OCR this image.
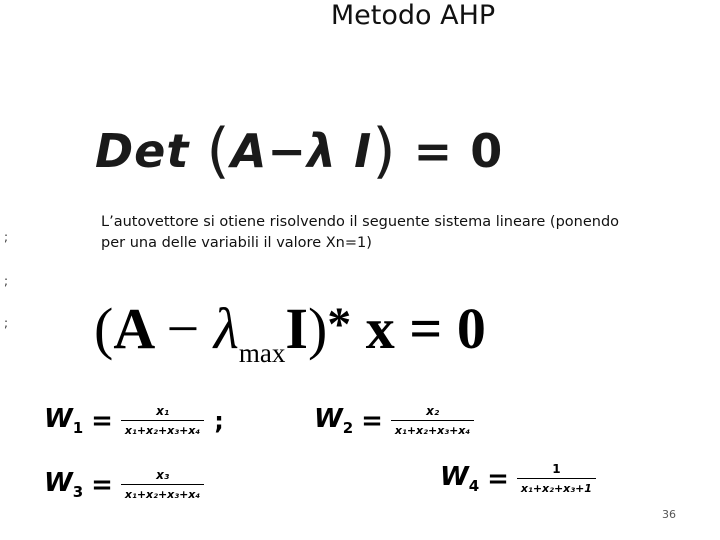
Metodo AHP
;
;
;
Det (A−λ I) = 0
L’autovettore si otiene risolvendo il seguente sistema lineare (ponendo per una delle variabili il valore Xn=1)
$(A - \lambda_{max}I)*$ x = 0
$W_1 = \frac{\text{x₁}}{\text{x₁+x₂+x₃+x₄}}$ ;	$W_2 = \frac{\text{x₂}}{\text{x₁+x₂+x₃+x₄}}$
$W_3 = \frac{\text{x₃}}{\text{x₁+x₂+x₃+x₄}}$	$W_4 = \frac{1}{\text{x₁+x₂+x₃+1}}$
36
